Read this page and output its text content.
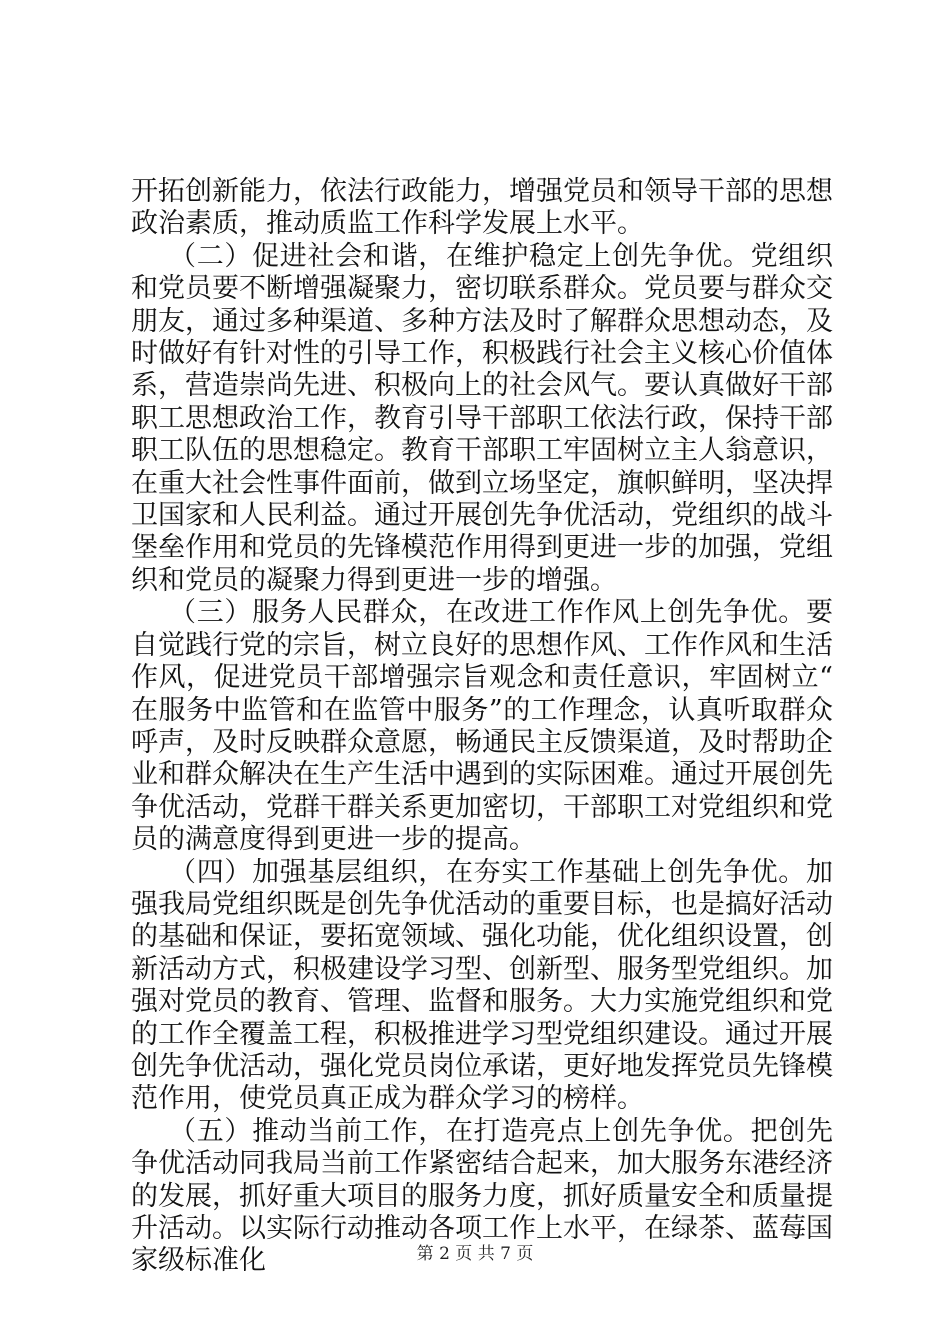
开拓创新能力，依法行政能力，增强党员和领导干部的思想政治素质，推动质监工作科学发展上水平。

（二）促进社会和谐，在维护稳定上创先争优。党组织和党员要不断增强凝聚力，密切联系群众。党员要与群众交朋友，通过多种渠道、多种方法及时了解群众思想动态，及时做好有针对性的引导工作，积极践行社会主义核心价值体系，营造崇尚先进、积极向上的社会风气。要认真做好干部职工思想政治工作，教育引导干部职工依法行政，保持干部职工队伍的思想稳定。教育干部职工牢固树立主人翁意识，在重大社会性事件面前，做到立场坚定，旗帜鲜明，坚决捍卫国家和人民利益。通过开展创先争优活动，党组织的战斗堡垒作用和党员的先锋模范作用得到更进一步的加强，党组织和党员的凝聚力得到更进一步的增强。

（三）服务人民群众，在改进工作作风上创先争优。要自觉践行党的宗旨，树立良好的思想作风、工作作风和生活作风，促进党员干部增强宗旨观念和责任意识，牢固树立“在服务中监管和在监管中服务”的工作理念，认真听取群众呼声，及时反映群众意愿，畅通民主反馈渠道，及时帮助企业和群众解决在生产生活中遇到的实际困难。通过开展创先争优活动，党群干群关系更加密切，干部职工对党组织和党员的满意度得到更进一步的提高。

（四）加强基层组织，在夯实工作基础上创先争优。加强我局党组织既是创先争优活动的重要目标，也是搞好活动的基础和保证，要拓宽领域、强化功能，优化组织设置，创新活动方式，积极建设学习型、创新型、服务型党组织。加强对党员的教育、管理、监督和服务。大力实施党组织和党的工作全覆盖工程，积极推进学习型党组织建设。通过开展创先争优活动，强化党员岗位承诺，更好地发挥党员先锋模范作用，使党员真正成为群众学习的榜样。

（五）推动当前工作，在打造亮点上创先争优。把创先争优活动同我局当前工作紧密结合起来，加大服务东港经济的发展，抓好重大项目的服务力度，抓好质量安全和质量提升活动。以实际行动推动各项工作上水平，在绿茶、蓝莓国家级标准化	第 2 页 共 7 页
